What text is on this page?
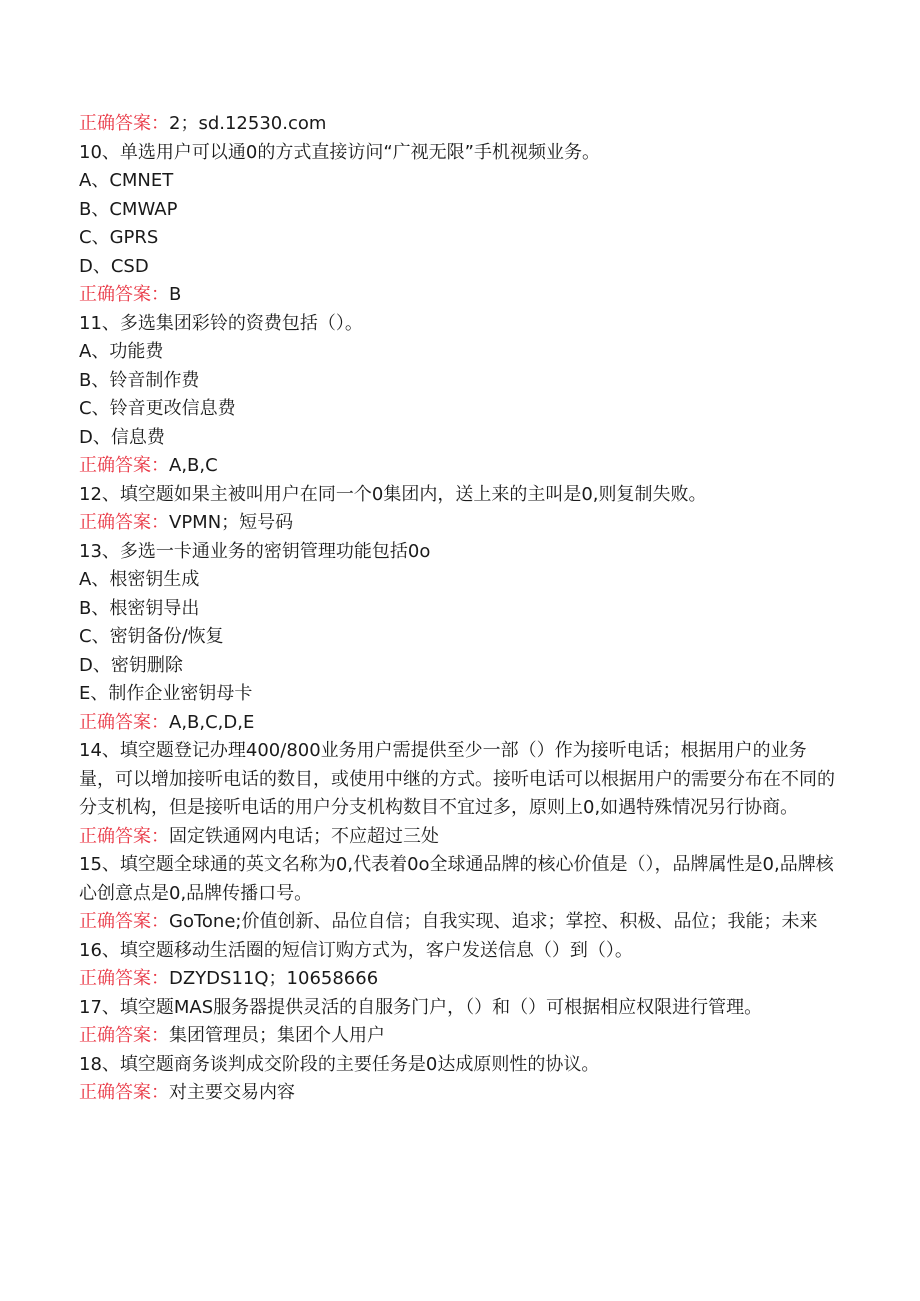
正确答案：2；sd.12530.com
10、单选用户可以通0的方式直接访问“广视无限”手机视频业务。
A、CMNET
B、CMWAP
C、GPRS
D、CSD
正确答案：B
11、多选集团彩铃的资费包括（）。
A、功能费
B、铃音制作费
C、铃音更改信息费
D、信息费
正确答案：A,B,C
12、填空题如果主被叫用户在同一个0集团内，送上来的主叫是0,则复制失败。
正确答案：VPMN；短号码
13、多选一卡通业务的密钥管理功能包括0o
A、根密钥生成
B、根密钥导出
C、密钥备份/恢复
D、密钥删除
E、制作企业密钥母卡
正确答案：A,B,C,D,E
14、填空题登记办理400/800业务用户需提供至少一部（）作为接听电话；根据用户的业务量，可以增加接听电话的数目，或使用中继的方式。接听电话可以根据用户的需要分布在不同的分支机构，但是接听电话的用户分支机构数目不宜过多，原则上0,如遇特殊情况另行协商。
正确答案：固定铁通网内电话；不应超过三处
15、填空题全球通的英文名称为0,代表着0o全球通品牌的核心价值是（），品牌属性是0,品牌核心创意点是0,品牌传播口号。
正确答案：GoTone;价值创新、品位自信；自我实现、追求；掌控、积极、品位；我能；未来
16、填空题移动生活圈的短信订购方式为，客户发送信息（）到（）。
正确答案：DZYDS11Q；10658666
17、填空题MAS服务器提供灵活的自服务门户，（）和（）可根据相应权限进行管理。
正确答案：集团管理员；集团个人用户
18、填空题商务谈判成交阶段的主要任务是0达成原则性的协议。
正确答案：对主要交易内容
